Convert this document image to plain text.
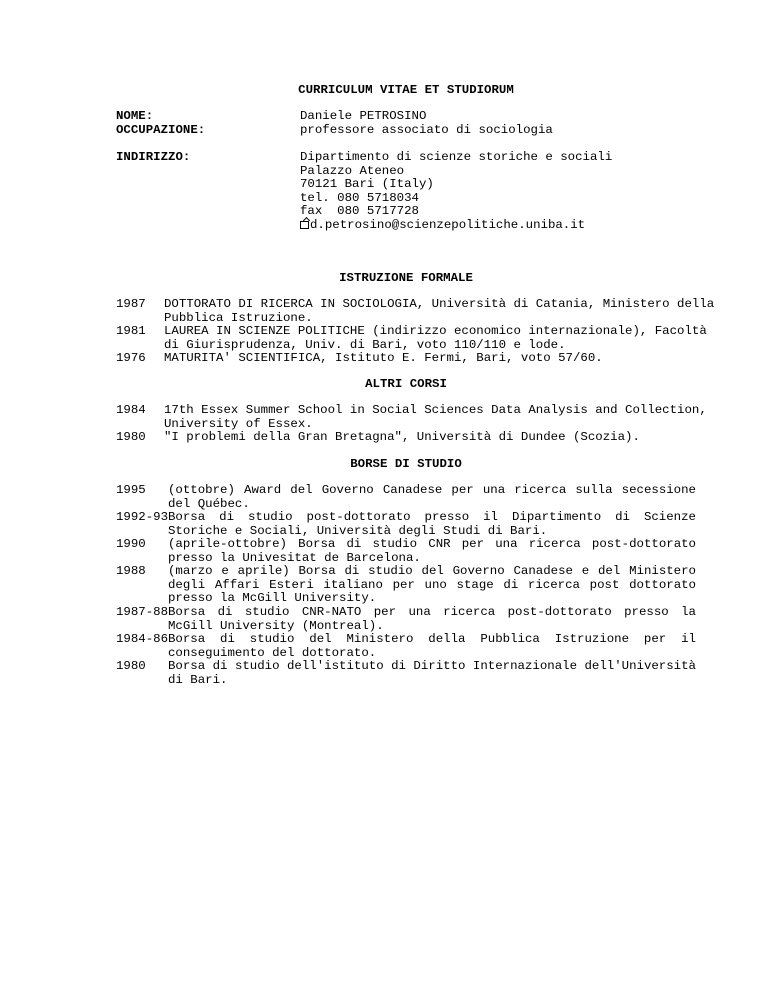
CURRICULUM VITAE ET STUDIORUM
NOME:	Daniele PETROSINO
OCCUPAZIONE:	professore associato di sociologia
INDIRIZZO:	Dipartimento di scienze storiche e sociali
Palazzo Ateneo
70121 Bari (Italy)
tel. 080 5718034
fax  080 5717728
d.petrosino@scienzepolitiche.uniba.it
ISTRUZIONE FORMALE
1987 DOTTORATO DI RICERCA IN SOCIOLOGIA, Università di Catania, Ministero della
Pubblica Istruzione.
1981 LAUREA IN SCIENZE POLITICHE (indirizzo economico internazionale), Facoltà
di Giurisprudenza, Univ. di Bari, voto 110/110 e lode.
1976 MATURITA' SCIENTIFICA, Istituto E. Fermi, Bari, voto 57/60.
ALTRI CORSI
1984 17th Essex Summer School in Social Sciences Data Analysis and Collection,
University of Essex.
1980 "I problemi della Gran Bretagna", Università di Dundee (Scozia).
BORSE DI STUDIO
1995 (ottobre) Award del Governo Canadese per una ricerca sulla secessione del Québec.
1992-93 Borsa di studio post-dottorato presso il Dipartimento di Scienze Storiche e Sociali, Università degli Studi di Bari.
1990 (aprile-ottobre) Borsa di studio CNR per una ricerca post-dottorato presso la Univesitat de Barcelona.
1988 (marzo e aprile) Borsa di studio del Governo Canadese e del Ministero degli Affari Esteri italiano per uno stage di ricerca post dottorato presso la McGill University.
1987-88 Borsa di studio CNR-NATO per una ricerca post-dottorato presso la McGill University (Montreal).
1984-86 Borsa di studio del Ministero della Pubblica Istruzione per il conseguimento del dottorato.
1980 Borsa di studio dell'istituto di Diritto Internazionale dell'Università di Bari.
